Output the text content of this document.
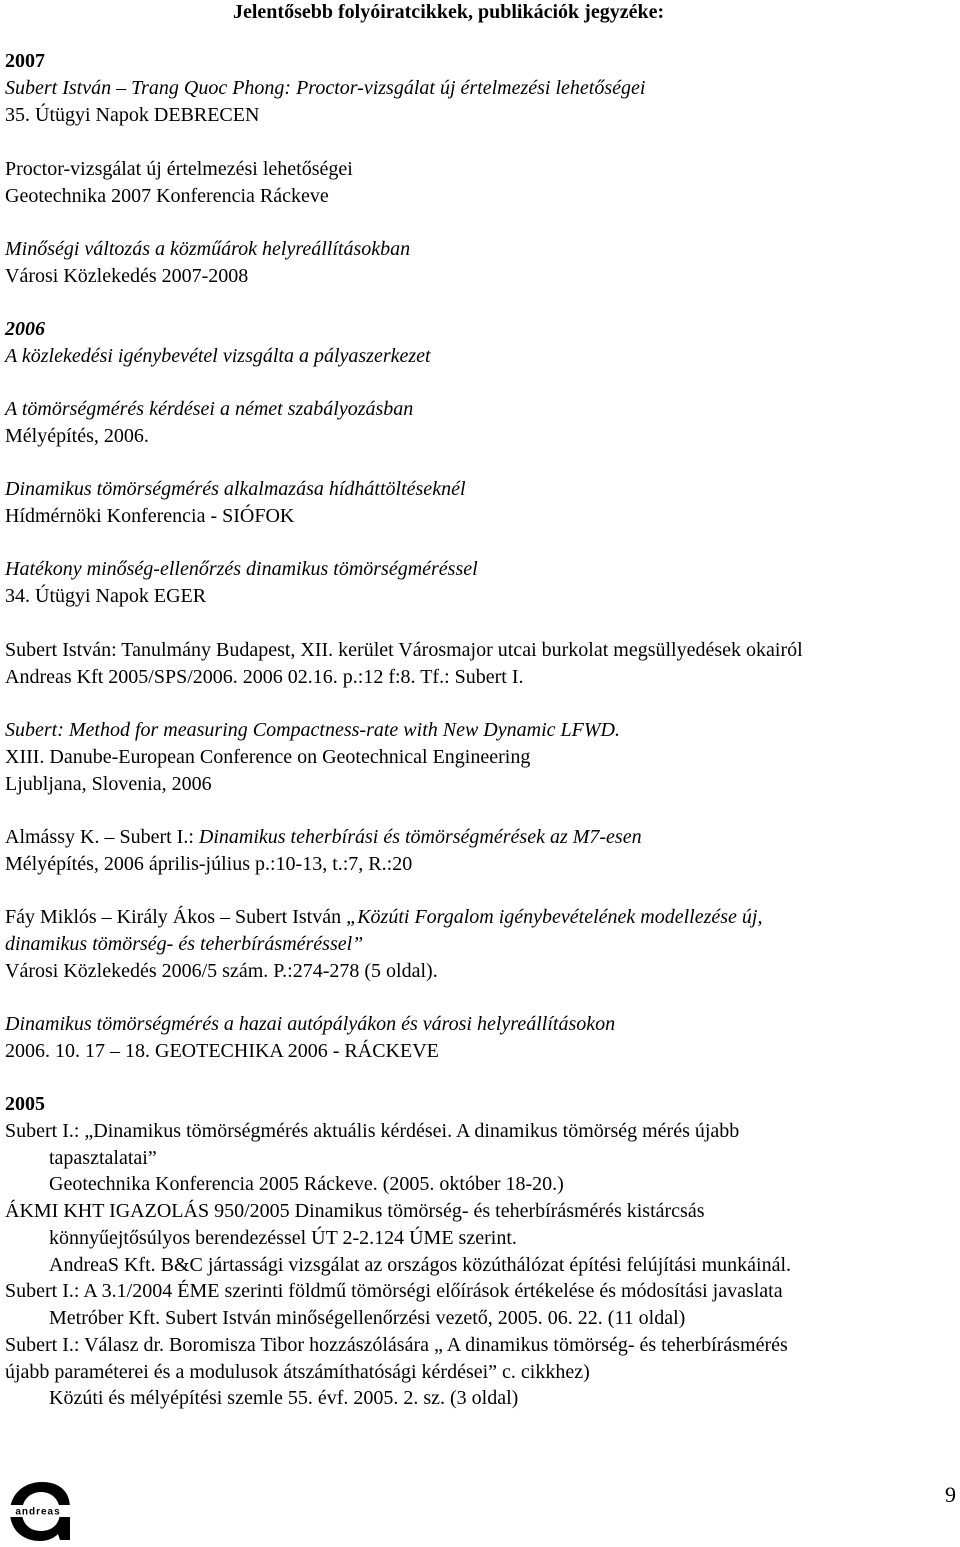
Jelentősebb folyóiratcikkek, publikációk jegyzéke:
2007
Subert István – Trang Quoc Phong: Proctor-vizsgálat új értelmezési lehetőségei
35. Útügyi Napok DEBRECEN
Proctor-vizsgálat új értelmezési lehetőségei
Geotechnika 2007 Konferencia Ráckeve
Minőségi változás a közműárok helyreállításokban
Városi Közlekedés 2007-2008
2006
A közlekedési igénybevétel vizsgálta a pályaszerkezet
A tömörségmérés kérdései a német szabályozásban
Mélyépítés, 2006.
Dinamikus tömörségmérés alkalmazása hídháttöltéseknél
Hídmérnöki Konferencia - SIÓFOK
Hatékony minőség-ellenőrzés dinamikus tömörségméréssel
34. Útügyi Napok EGER
Subert István: Tanulmány Budapest, XII. kerület Városmajor utcai burkolat megsüllyedések okairól
Andreas Kft 2005/SPS/2006. 2006 02.16. p.:12 f:8. Tf.: Subert I.
Subert: Method for measuring Compactness-rate with New Dynamic LFWD.
XIII. Danube-European Conference on Geotechnical Engineering
Ljubljana, Slovenia, 2006
Almássy K. – Subert I.: Dinamikus teherbírási és tömörségmérések az M7-esen
Mélyépítés, 2006 április-július p.:10-13, t.:7, R.:20
Fáy Miklós – Király Ákos – Subert István „Közúti Forgalom igénybevételének modellezése új,
dinamikus tömörség- és teherbírásméréssel”
Városi Közlekedés 2006/5 szám. P.:274-278 (5 oldal).
Dinamikus tömörségmérés a hazai autópályákon és városi helyreállításokon
2006. 10. 17 – 18. GEOTECHIKA 2006 - RÁCKEVE
2005
Subert I.: „Dinamikus tömörségmérés aktuális kérdései. A dinamikus tömörség mérés újabb
tapasztalatai”
Geotechnika Konferencia 2005 Ráckeve. (2005. október 18-20.)
ÁKMI KHT IGAZOLÁS 950/2005 Dinamikus tömörség- és teherbírásmérés kistárcsás
könnyűejtősúlyos berendezéssel ÚT 2-2.124 ÚME szerint.
AndreaS Kft. B&C jártassági vizsgálat az országos közúthálózat építési felújítási munkáinál.
Subert I.: A 3.1/2004 ÉME szerinti földmű tömörségi előírások értékelése és módosítási javaslata
Metróber Kft. Subert István minőségellenőrzési vezető, 2005. 06. 22. (11 oldal)
Subert I.: Válasz dr. Boromisza Tibor hozzászólására „ A dinamikus tömörség- és teherbírásmérés
újabb paraméterei és a modulusok átszámíthatósági kérdései” c. cikkhez)
Közúti és mélyépítési szemle 55. évf. 2005. 2. sz. (3 oldal)
andreas
9
